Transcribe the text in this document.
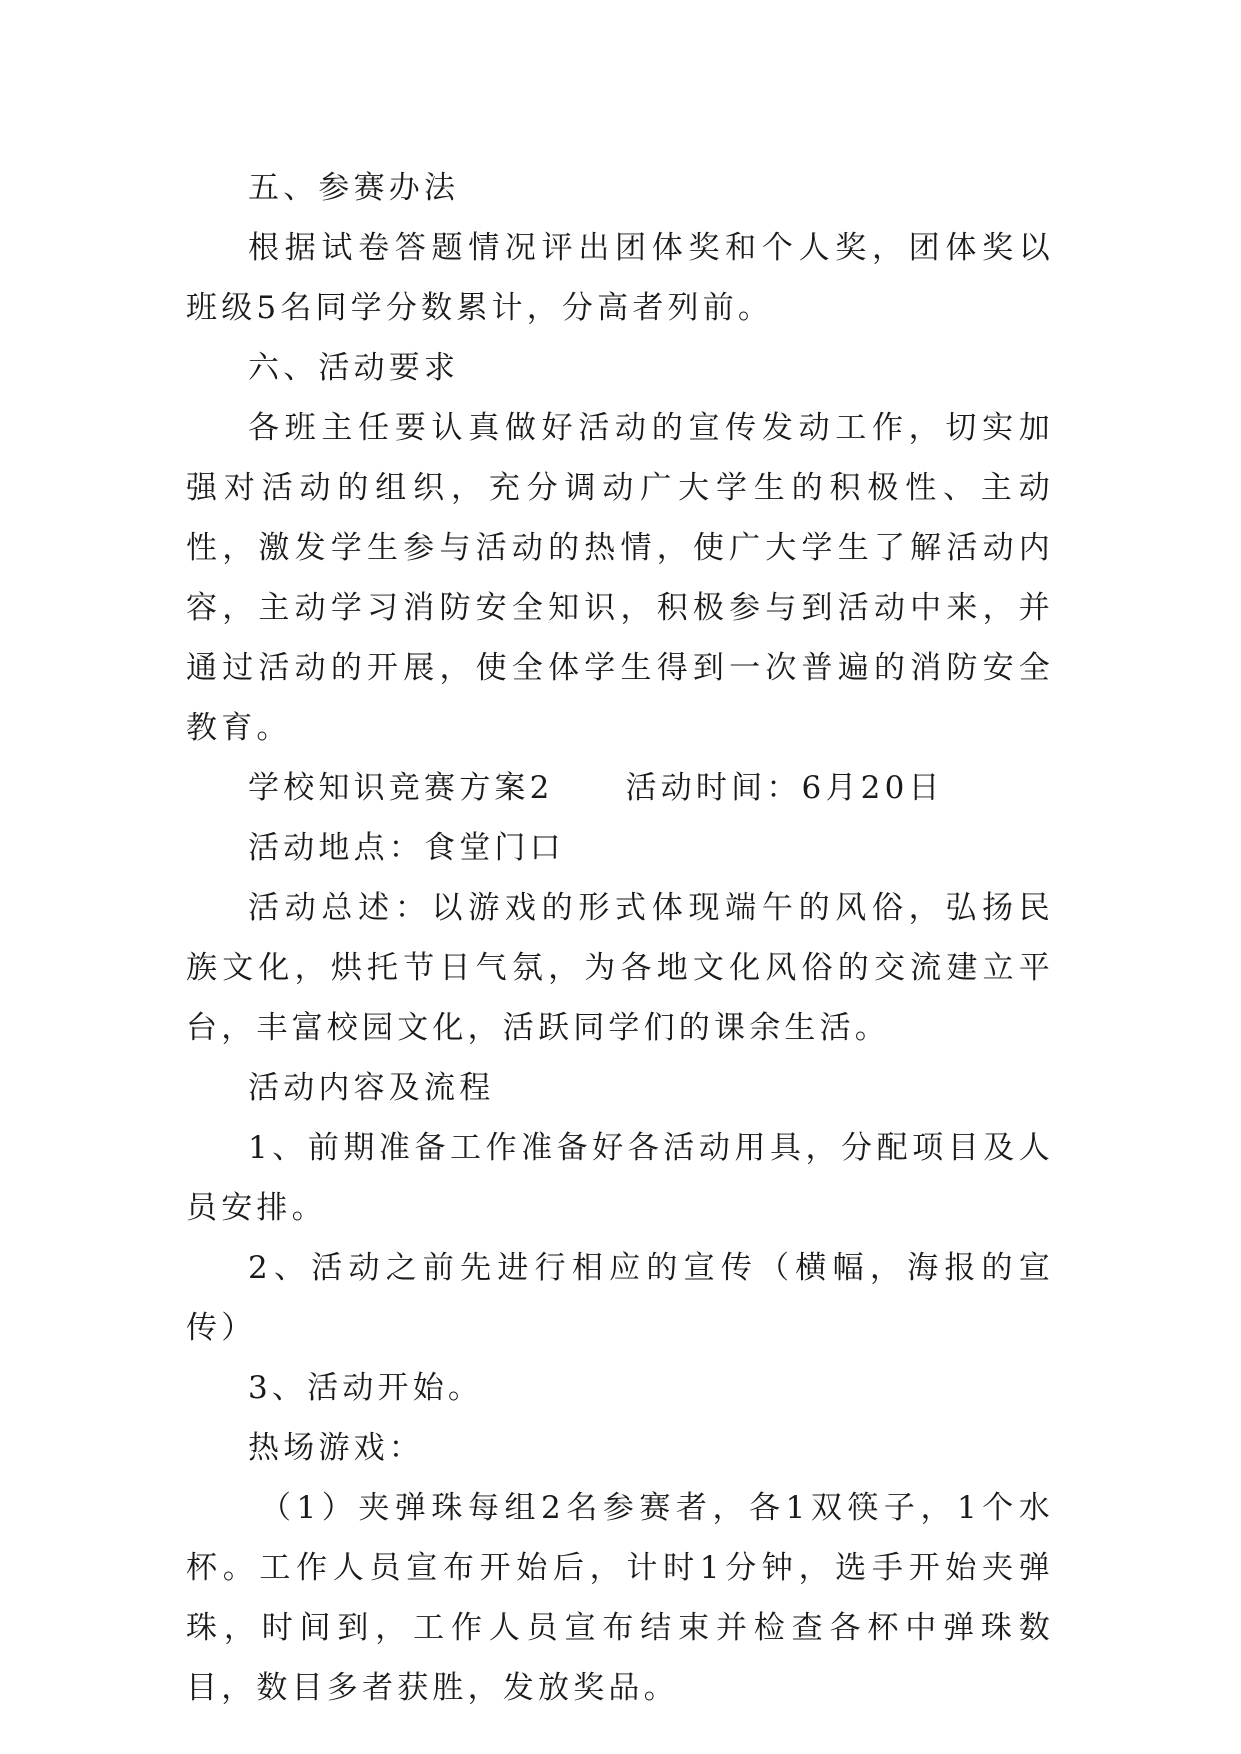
五、参赛办法

根据试卷答题情况评出团体奖和个人奖，团体奖以班级5名同学分数累计，分高者列前。

六、活动要求

各班主任要认真做好活动的宣传发动工作，切实加强对活动的组织，充分调动广大学生的积极性、主动性，激发学生参与活动的热情，使广大学生了解活动内容，主动学习消防安全知识，积极参与到活动中来，并通过活动的开展，使全体学生得到一次普遍的消防安全教育。

学校知识竞赛方案2 活动时间：6月20日

活动地点：食堂门口

活动总述：以游戏的形式体现端午的风俗，弘扬民族文化，烘托节日气氛，为各地文化风俗的交流建立平台，丰富校园文化，活跃同学们的课余生活。

活动内容及流程

1、前期准备工作准备好各活动用具，分配项目及人员安排。

2、活动之前先进行相应的宣传（横幅，海报的宣传）

3、活动开始。

热场游戏：

（1）夹弹珠每组2名参赛者，各1双筷子，1个水杯。工作人员宣布开始后，计时1分钟，选手开始夹弹珠，时间到，工作人员宣布结束并检查各杯中弹珠数目，数目多者获胜，发放奖品。
